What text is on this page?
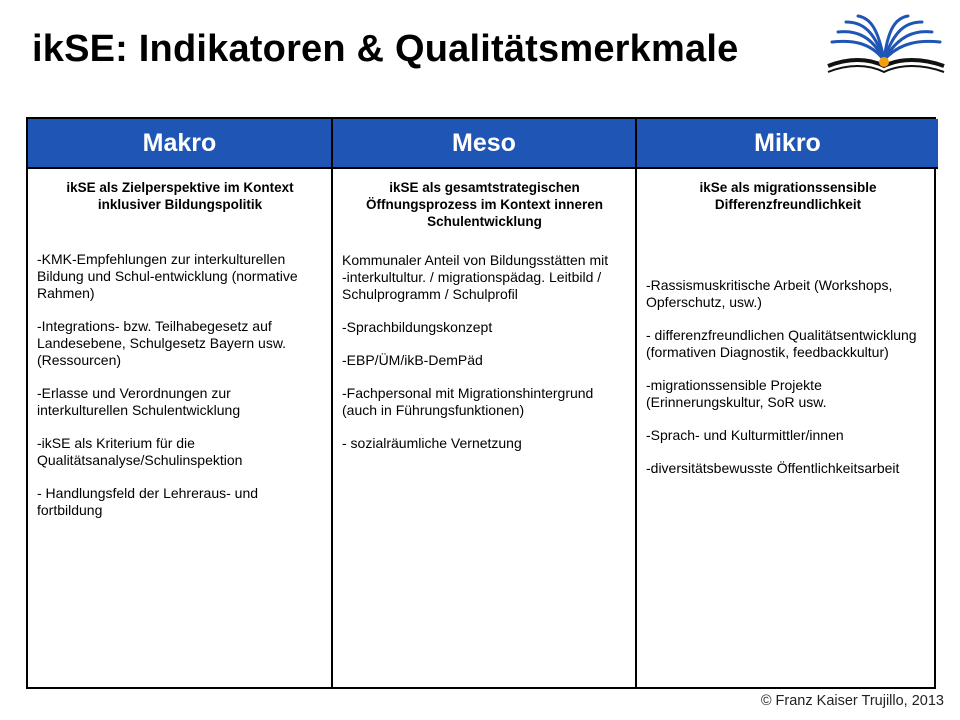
ikSE: Indikatoren & Qualitätsmerkmale
Makro	Meso	Mikro
ikSE als Zielperspektive im Kontext inklusiver Bildungspolitik
-KMK-Empfehlungen zur interkulturellen Bildung und Schul-entwicklung (normative Rahmen)
-Integrations- bzw. Teilhabegesetz auf Landesebene, Schulgesetz Bayern usw. (Ressourcen)
-Erlasse und Verordnungen zur interkulturellen Schulentwicklung
-ikSE als Kriterium für die Qualitätsanalyse/Schulinspektion
- Handlungsfeld der Lehreraus- und fortbildung
ikSE als gesamtstrategischen Öffnungsprozess im Kontext inneren Schulentwicklung
Kommunaler Anteil von Bildungsstätten mit
-interkultultur. / migrationspädag. Leitbild / Schulprogramm / Schulprofil
-Sprachbildungskonzept
-EBP/ÜM/ikB-DemPäd
-Fachpersonal mit Migrationshintergrund (auch in Führungsfunktionen)
- sozialräumliche Vernetzung
ikSe als migrationssensible Differenzfreundlichkeit
-Rassismuskritische Arbeit (Workshops, Opferschutz, usw.)
- differenzfreundlichen Qualitätsentwicklung (formativen Diagnostik, feedbackkultur)
-migrationssensible Projekte (Erinnerungskultur, SoR usw.
-Sprach- und Kulturmittler/innen
-diversitätsbewusste Öffentlichkeitsarbeit
© Franz Kaiser Trujillo, 2013
